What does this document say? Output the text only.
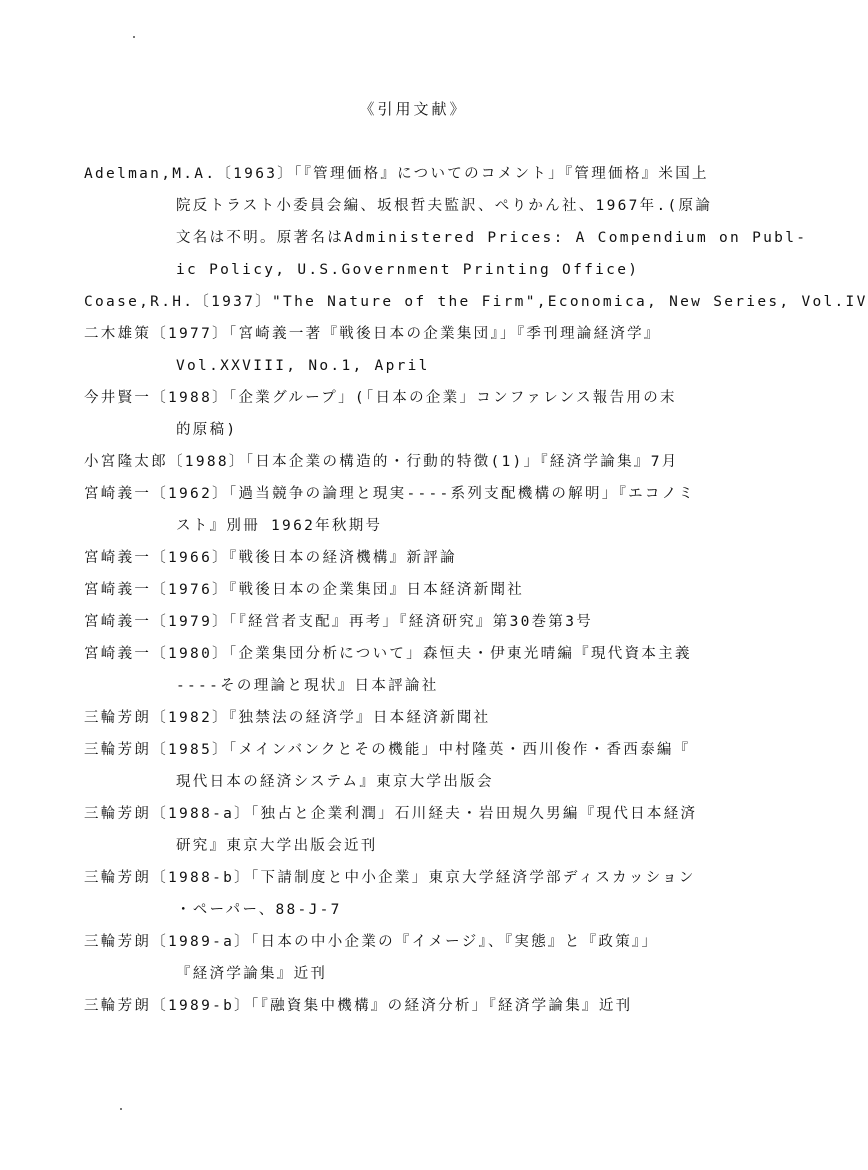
《引用文献》
Adelman,M.A.〔1963〕「『管理価格』についてのコメント」『管理価格』米国上
院反トラスト小委員会編、坂根哲夫監訳、ぺりかん社、1967年.(原論
文名は不明。原著名はAdministered Prices: A Compendium on Publ-
ic Policy, U.S.Government Printing Office)
Coase,R.H.〔1937〕"The Nature of the Firm",Economica, New Series, Vol.IV
二木雄策〔1977〕「宮崎義一著『戦後日本の企業集団』」『季刊理論経済学』
Vol.XXVIII, No.1, April
今井賢一〔1988〕「企業グループ」(「日本の企業」コンファレンス報告用の末
的原稿)
小宮隆太郎〔1988〕「日本企業の構造的・行動的特徴(1)」『経済学論集』7月
宮崎義一〔1962〕「過当競争の論理と現実----系列支配機構の解明」『エコノミ
スト』別冊 1962年秋期号
宮崎義一〔1966〕『戦後日本の経済機構』新評論
宮崎義一〔1976〕『戦後日本の企業集団』日本経済新聞社
宮崎義一〔1979〕「『経営者支配』再考」『経済研究』第30巻第3号
宮崎義一〔1980〕「企業集団分析について」森恒夫・伊東光晴編『現代資本主義
----その理論と現状』日本評論社
三輪芳朗〔1982〕『独禁法の経済学』日本経済新聞社
三輪芳朗〔1985〕「メインバンクとその機能」中村隆英・西川俊作・香西泰編『
現代日本の経済システム』東京大学出版会
三輪芳朗〔1988-a〕「独占と企業利潤」石川経夫・岩田規久男編『現代日本経済
研究』東京大学出版会近刊
三輪芳朗〔1988-b〕「下請制度と中小企業」東京大学経済学部ディスカッション
・ペーパー、88-J-7
三輪芳朗〔1989-a〕「日本の中小企業の『イメージ』、『実態』と『政策』」
『経済学論集』近刊
三輪芳朗〔1989-b〕「『融資集中機構』の経済分析」『経済学論集』近刊
